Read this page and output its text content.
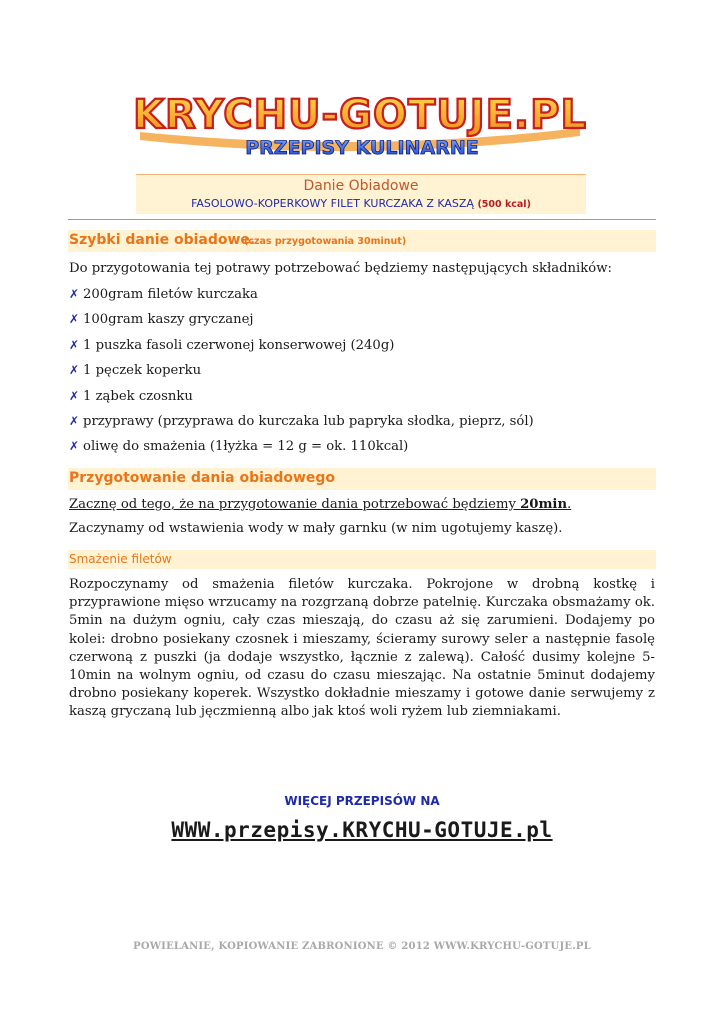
KRYCHU-GOTUJE.PL
PRZEPISY KULINARNE
Danie Obiadowe
FASOLOWO-KOPERKOWY FILET KURCZAKA Z KASZĄ (500 kcal)
Szybki danie obiadowe.
(czas przygotowania 30minut)
Do przygotowania tej potrawy potrzebować będziemy następujących składników:
✗ 200gram filetów kurczaka
✗ 100gram kaszy gryczanej
✗ 1 puszka fasoli czerwonej konserwowej (240g)
✗ 1 pęczek koperku
✗ 1 ząbek czosnku
✗ przyprawy (przyprawa do kurczaka lub papryka słodka, pieprz, sól)
✗ oliwę do smażenia (1łyżka = 12 g = ok. 110kcal)
Przygotowanie dania obiadowego
Zacznę od tego, że na przygotowanie dania potrzebować będziemy 20min.
Zaczynamy od wstawienia wody w mały garnku (w nim ugotujemy kaszę).
Smażenie filetów
Rozpoczynamy od smażenia filetów kurczaka. Pokrojone w drobną kostkę i przyprawione mięso wrzucamy na rozgrzaną dobrze patelnię. Kurczaka obsmażamy ok. 5min na dużym ogniu, cały czas mieszają, do czasu aż się zarumieni. Dodajemy po kolei: drobno posiekany czosnek i mieszamy, ścieramy surowy seler a następnie fasolę czerwoną z puszki (ja dodaje wszystko, łącznie z zalewą). Całość dusimy kolejne 5-10min na wolnym ogniu, od czasu do czasu mieszając. Na ostatnie 5minut dodajemy drobno posiekany koperek. Wszystko dokładnie mieszamy i gotowe danie serwujemy z kaszą gryczaną lub jęczmienną albo jak ktoś woli ryżem lub ziemniakami.
WIĘCEJ PRZEPISÓW NA
WWW.przepisy.KRYCHU-GOTUJE.pl
POWIELANIE, KOPIOWANIE ZABRONIONE © 2012 WWW.KRYCHU-GOTUJE.PL
